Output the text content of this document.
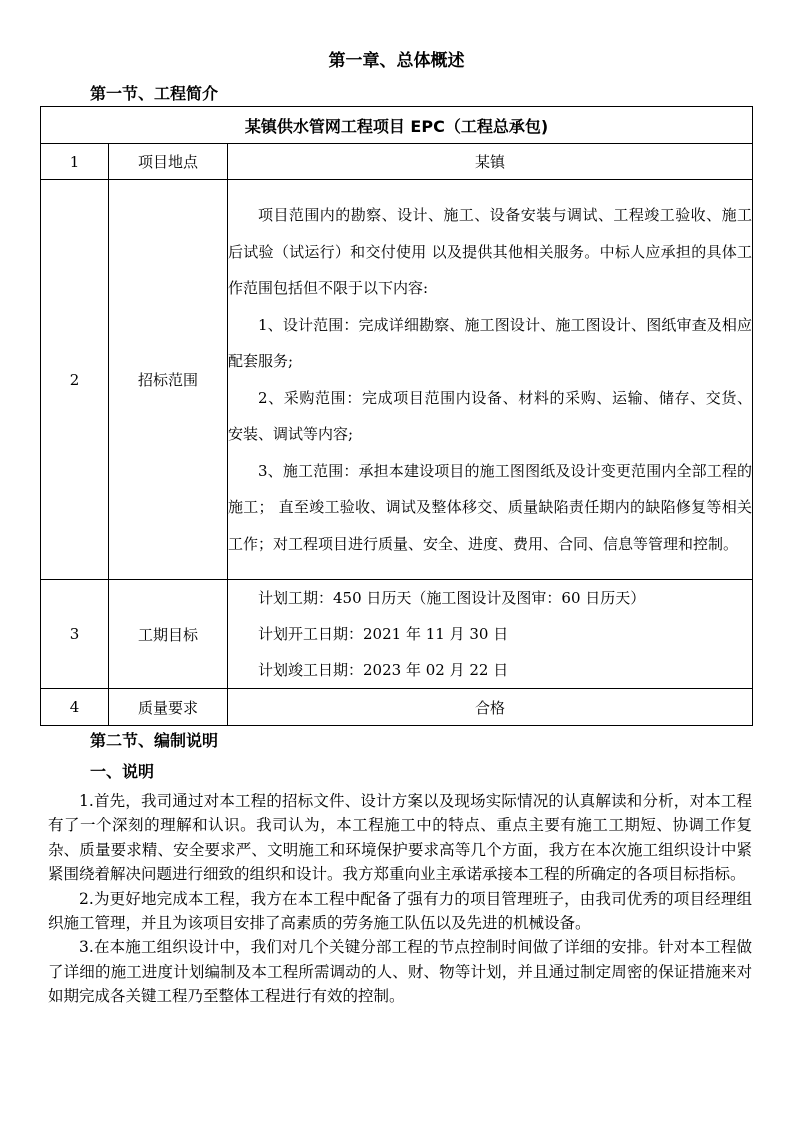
第一章、总体概述
第一节、工程简介
某镇供水管网工程项目 EPC（工程总承包)		
1	项目地点	某镇
2	招标范围	项目范围内的勘察、设计、施工、设备安装与调试、工程竣工验收、施工后试验（试运行）和交付使用 以及提供其他相关服务。中标人应承担的具体工作范围包括但不限于以下内容:

1、设计范围：完成详细勘察、施工图设计、施工图设计、图纸审查及相应配套服务;

2、采购范围：完成项目范围内设备、材料的采购、运输、储存、交货、 安装、调试等内容;

3、施工范围：承担本建设项目的施工图图纸及设计变更范围内全部工程的施工； 直至竣工验收、调试及整体移交、质量缺陷责任期内的缺陷修复等相关工作；对工程项目进行质量、安全、进度、费用、合同、信息等管理和控制。

3	工期目标	计划工期：450 日历天（施工图设计及图审：60 日历天）

计划开工日期：2021 年 11 月 30 日

计划竣工日期：2023 年 02 月 22 日

4	质量要求	合格
第二节、编制说明
一、说明

1.首先，我司通过对本工程的招标文件、设计方案以及现场实际情况的认真解读和分析，对本工程有了一个深刻的理解和认识。我司认为，本工程施工中的特点、重点主要有施工工期短、协调工作复杂、质量要求精、安全要求严、文明施工和环境保护要求高等几个方面，我方在本次施工组织设计中紧紧围绕着解决问题进行细致的组织和设计。我方郑重向业主承诺承接本工程的所确定的各项目标指标。

2.为更好地完成本工程，我方在本工程中配备了强有力的项目管理班子，由我司优秀的项目经理组织施工管理，并且为该项目安排了高素质的劳务施工队伍以及先进的机械设备。

3.在本施工组织设计中，我们对几个关键分部工程的节点控制时间做了详细的安排。针对本工程做了详细的施工进度计划编制及本工程所需调动的人、财、物等计划，并且通过制定周密的保证措施来对如期完成各关键工程乃至整体工程进行有效的控制。
